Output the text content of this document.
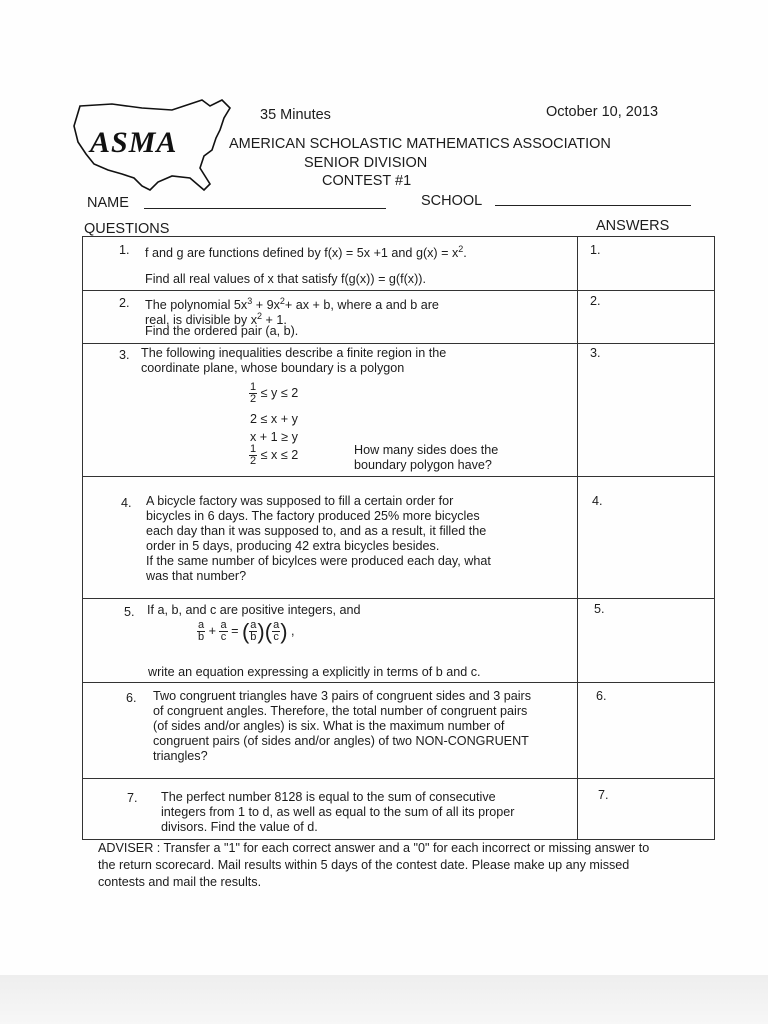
ASMA
35 Minutes	October 10, 2013
AMERICAN SCHOLASTIC MATHEMATICS ASSOCIATION
SENIOR DIVISION
CONTEST #1
NAME	SCHOOL
QUESTIONS	ANSWERS
1. f and g are functions defined by f(x) = 5x +1 and $g(x) = x^2$.
Find all real values of x that satisfy f(g(x)) = g(f(x)).
1.
2. The polynomial $5x^3 + 9x^2+$ ax + b, where a and b are
real, is divisible by $x^2 + 1$.
Find the ordered pair (a, b).
2.
3. The following inequalities describe a finite region in the
coordinate plane, whose boundary is a polygon
$\frac{1}{2} \le y \le 2$
2 ≤ x + y
x + 1 ≥ y
$\frac{1}{2} \le x \le 2$	How many sides does the
boundary polygon have?
3.
4. A bicycle factory was supposed to fill a certain order for
bicycles in 6 days. The factory produced 25% more bicycles
each day than it was supposed to, and as a result, it filled the
order in 5 days, producing 42 extra bicycles besides.
If the same number of bicylces were produced each day, what
was that number?
4.
5. If a, b, and c are positive integers, and
$\frac{a}{b} + \frac{a}{c}$ = ( $\frac{a}{b}$ )( $\frac{a}{c}$ ) ,
write an equation expressing a explicitly in terms of b and c.
5.
6. Two congruent triangles have 3 pairs of congruent sides and 3 pairs
of congruent angles. Therefore, the total number of congruent pairs
(of sides and/or angles) is six. What is the maximum number of
congruent pairs (of sides and/or angles) of two NON-CONGRUENT
triangles?
6.
7. The perfect number 8128 is equal to the sum of consecutive
integers from 1 to d, as well as equal to the sum of all its proper
divisors. Find the value of d.
7.
ADVISER : Transfer a "1" for each correct answer and a "0" for each incorrect or missing answer to
the return scorecard. Mail results within 5 days of the contest date. Please make up any missed
contests and mail the results.
